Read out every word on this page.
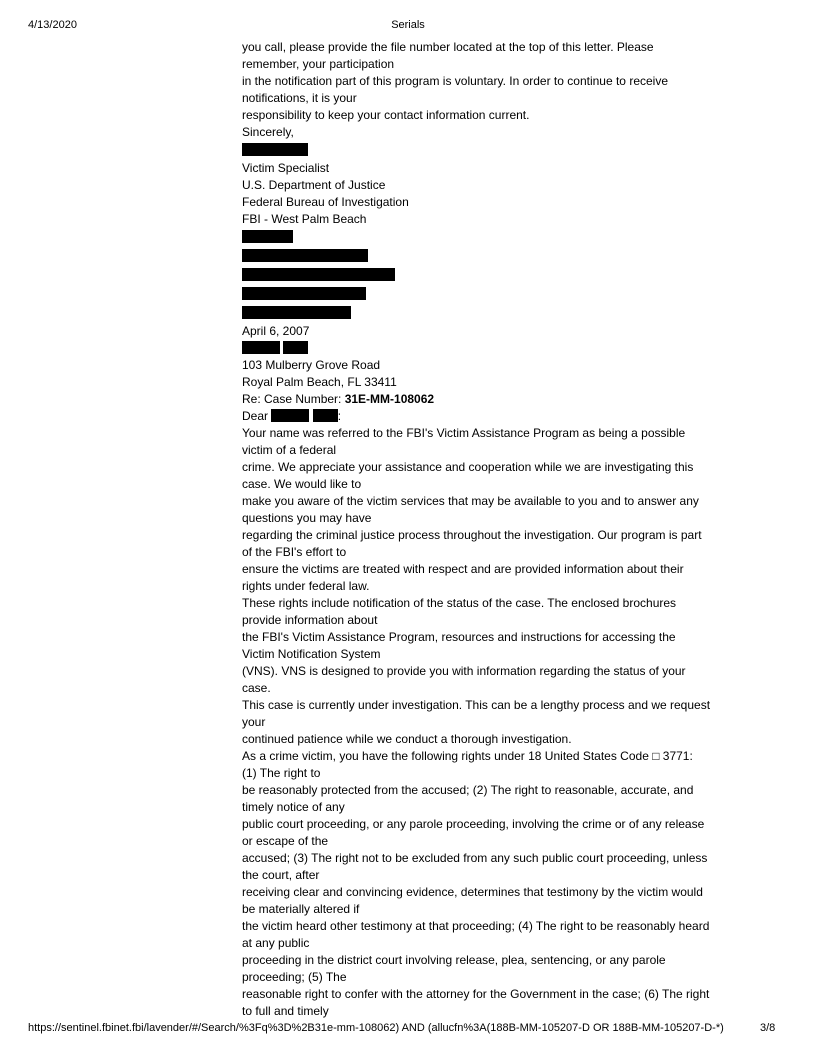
4/13/2020	Serials
you call, please provide the file number located at the top of this letter. Please
remember, your participation
in the notification part of this program is voluntary. In order to continue to receive
notifications, it is your
responsibility to keep your contact information current.
Sincerely,
Victim Specialist
U.S. Department of Justice
Federal Bureau of Investigation
FBI - West Palm Beach
April 6, 2007

103 Mulberry Grove Road
Royal Palm Beach, FL 33411
Re: Case Number: 31E-MM-108062
Dear	:
Your name was referred to the FBI's Victim Assistance Program as being a possible
victim of a federal
crime. We appreciate your assistance and cooperation while we are investigating this
case. We would like to
make you aware of the victim services that may be available to you and to answer any
questions you may have
regarding the criminal justice process throughout the investigation. Our program is part
of the FBI's effort to
ensure the victims are treated with respect and are provided information about their
rights under federal law.
These rights include notification of the status of the case. The enclosed brochures
provide information about
the FBI's Victim Assistance Program, resources and instructions for accessing the
Victim Notification System
(VNS). VNS is designed to provide you with information regarding the status of your
case.
This case is currently under investigation. This can be a lengthy process and we request
your
continued patience while we conduct a thorough investigation.
As a crime victim, you have the following rights under 18 United States Code □ 3771:
(1) The right to
be reasonably protected from the accused; (2) The right to reasonable, accurate, and
timely notice of any
public court proceeding, or any parole proceeding, involving the crime or of any release
or escape of the
accused; (3) The right not to be excluded from any such public court proceeding, unless
the court, after
receiving clear and convincing evidence, determines that testimony by the victim would
be materially altered if
the victim heard other testimony at that proceeding; (4) The right to be reasonably heard
at any public
proceeding in the district court involving release, plea, sentencing, or any parole
proceeding; (5) The
reasonable right to confer with the attorney for the Government in the case; (6) The right
to full and timely
https://sentinel.fbinet.fbi/lavender/#/Search/%3Fq%3D%2B31e-mm-108062) AND (allucfn%3A(188B-MM-105207-D OR 188B-MM-105207-D-*)	3/8
